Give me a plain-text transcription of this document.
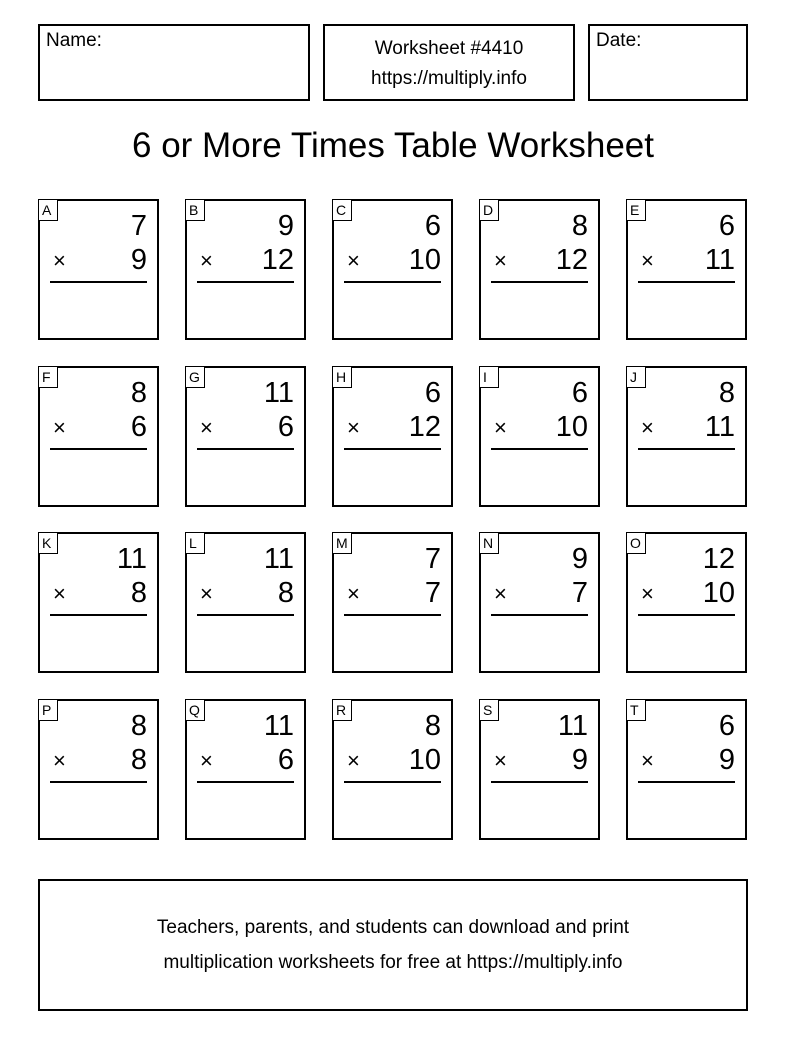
Name:	Worksheet #4410
https://multiply.info
Date:
6 or More Times Table Worksheet
A	7
× 9
B	9
× 12
C	6
× 10
D	8
× 12
E	6
× 11
F	8
× 6
G 11
× 6
H	6
× 12
I	6
× 10
J	8
× 11
K 11
× 8
L 11
× 8
M	7
× 7
N	9
× 7
O 12
× 10
P	8
× 8
Q 11
× 6
R	8
× 10
S 11
× 9
T	6
× 9
Teachers, parents, and students can download and print
multiplication worksheets for free at https://multiply.info
